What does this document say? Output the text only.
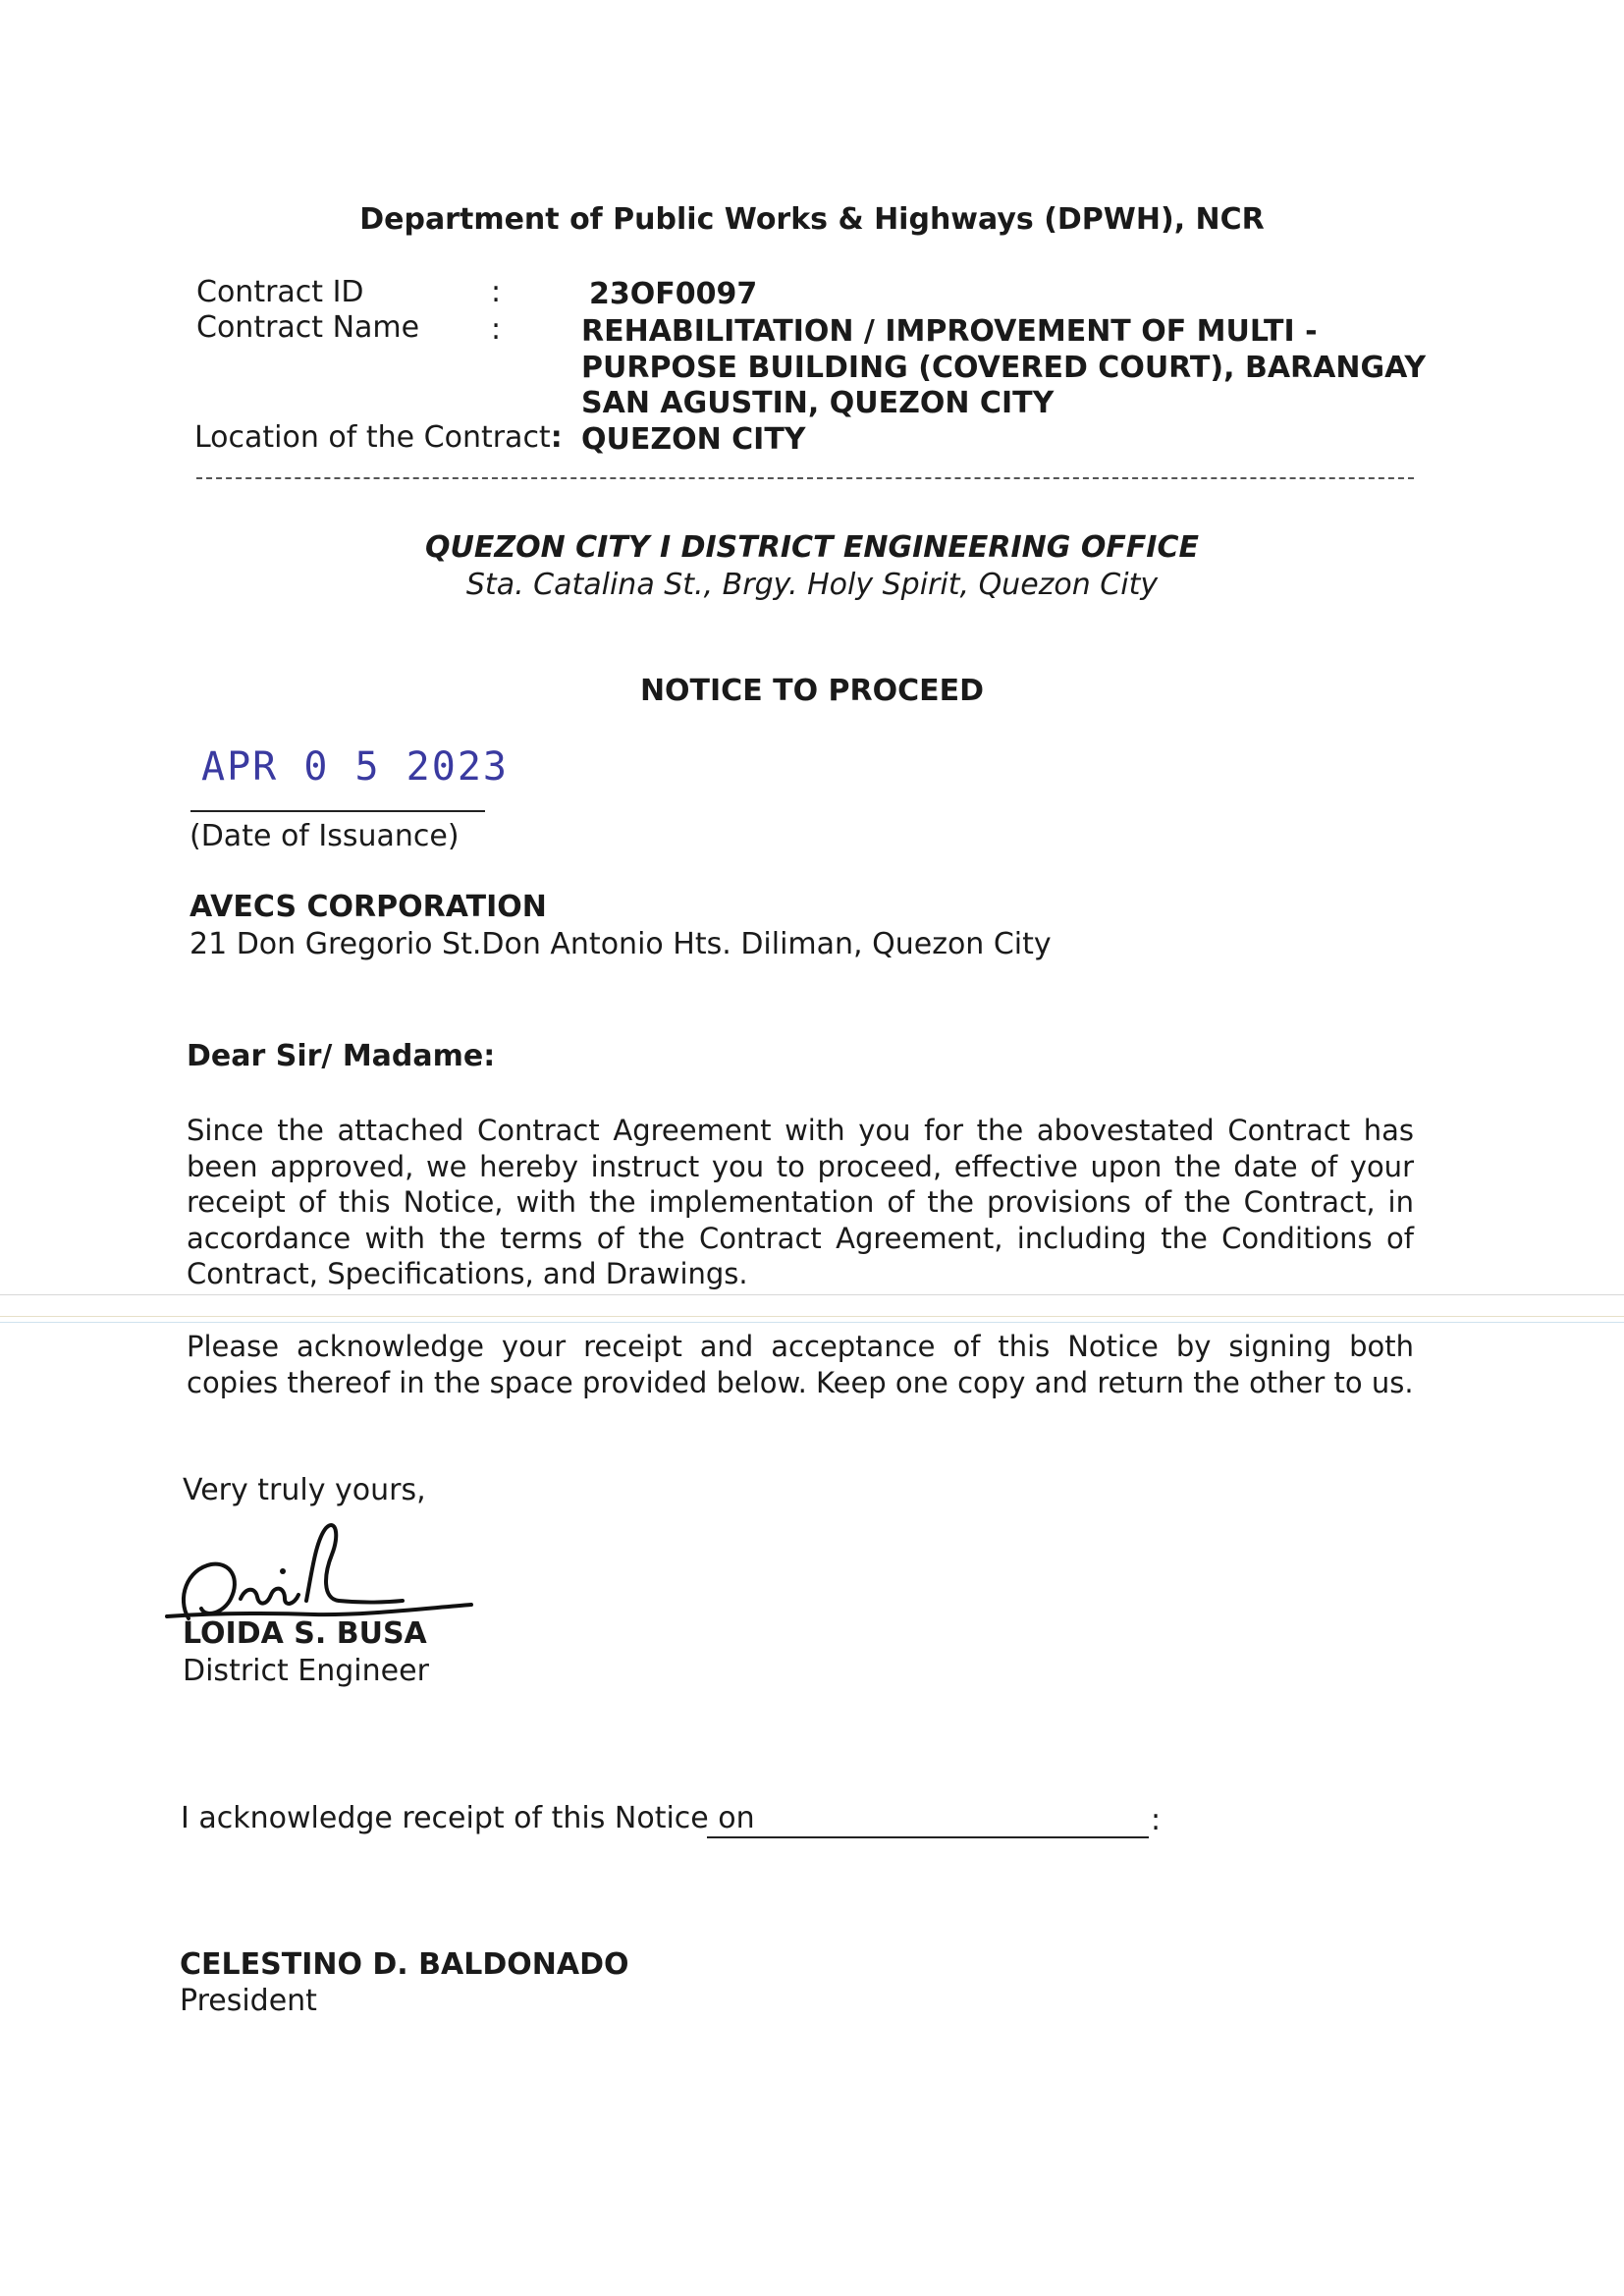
Department of Public Works & Highways (DPWH), NCR
Contract ID	:	23OF0097
Contract Name :	REHABILITATION / IMPROVEMENT OF MULTI -
PURPOSE BUILDING (COVERED COURT), BARANGAY
SAN AGUSTIN, QUEZON CITY
Location of the Contract: QUEZON CITY
QUEZON CITY I DISTRICT ENGINEERING OFFICE
Sta. Catalina St., Brgy. Holy Spirit, Quezon City
NOTICE TO PROCEED
APR 0 5 2023
(Date of Issuance)
AVECS CORPORATION
21 Don Gregorio St.Don Antonio Hts. Diliman, Quezon City
Dear Sir/ Madame:
Since the attached Contract Agreement with you for the abovestated Contract has been approved, we hereby instruct you to proceed, effective upon the date of your receipt of this Notice, with the implementation of the provisions of the Contract, in accordance with the terms of the Contract Agreement, including the Conditions of Contract, Specifications, and Drawings.
Please acknowledge your receipt and acceptance of this Notice by signing both copies thereof in the space provided below. Keep one copy and return the other to us.
Very truly yours,
LOIDA S. BUSA
District Engineer
I acknowledge receipt of this Notice on	:
CELESTINO D. BALDONADO
President
